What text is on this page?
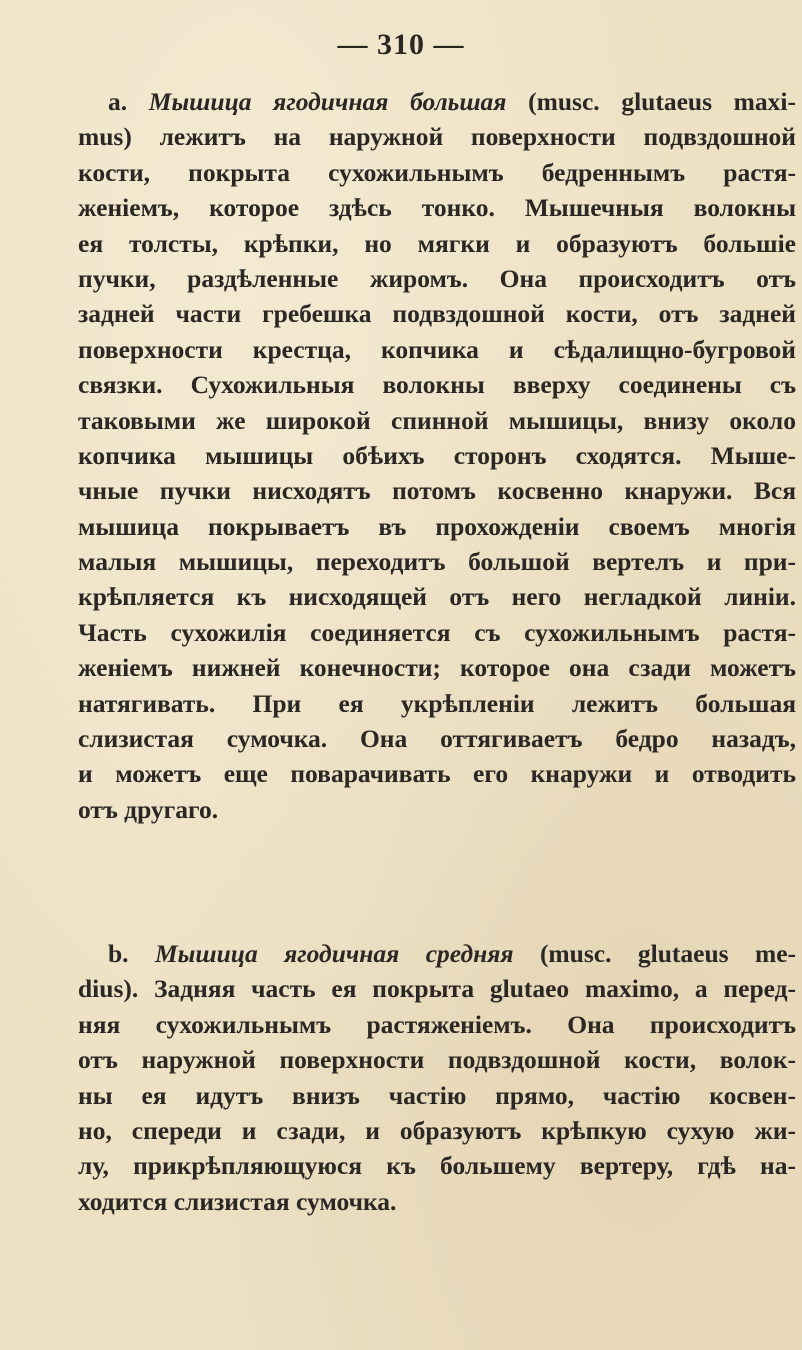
— 310 —
a. Мышица ягодичная большая (musc. glutaeus maxi-
mus) лежитъ на наружной поверхности подвздошной
кости, покрыта сухожильнымъ бедреннымъ растя-
женiемъ, которое здѣсь тонко. Мышечныя волокны
ея толсты, крѣпки, но мягки и образуютъ большiе
пучки, раздѣленные жиромъ. Она происходитъ отъ
задней части гребешка подвздошной кости, отъ задней
поверхности крестца, копчика и сѣдалищно-бугровой
связки. Сухожильныя волокны вверху соединены съ
таковыми же широкой спинной мышицы, внизу около
копчика мышицы обѣихъ сторонъ сходятся. Мыше-
чные пучки нисходятъ потомъ косвенно кнаружи. Вся
мышица покрываетъ въ прохожденiи своемъ многiя
малыя мышицы, переходитъ большой вертелъ и при-
крѣпляется къ нисходящей отъ него негладкой линiи.
Часть сухожилiя соединяется съ сухожильнымъ растя-
женiемъ нижней конечности; которое она сзади можетъ
натягивать. При ея укрѣпленiи лежитъ большая
слизистая сумочка. Она оттягиваетъ бедро назадъ,
и можетъ еще поварачивать его кнаружи и отводить
отъ другаго.
b. Мышица ягодичная средняя (musc. glutaeus me-
dius). Задняя часть ея покрыта glutaeo maximo, а перед-
няя сухожильнымъ растяженiемъ. Она происходитъ
отъ наружной поверхности подвздошной кости, волок-
ны ея идутъ внизъ частiю прямо, частiю косвен-
но, спереди и сзади, и образуютъ крѣпкую сухую жи-
лу, прикрѣпляющуюся къ большему вертеру, гдѣ на-
ходится слизистая сумочка.
